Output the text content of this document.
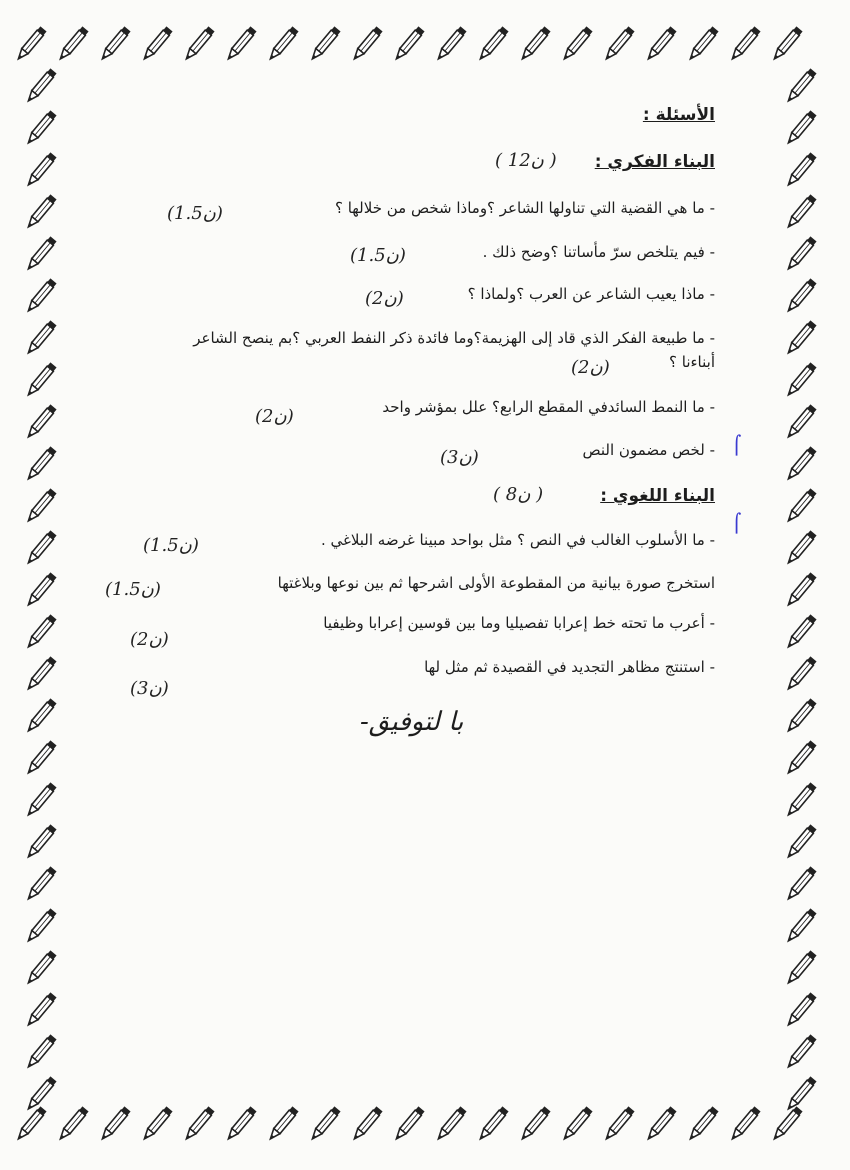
الأسئلة :
البناء الفكري :
( 12ن )
- ما هي القضية التي تناولها الشاعر ؟وماذا شخص من خلالها ؟
(1.5ن)
- فيم يتلخص سرّ مأساتنا ؟وضح ذلك .
(1.5ن)
- ماذا يعيب الشاعر عن العرب ؟ولماذا ؟
(2ن)
- ما طبيعة الفكر الذي قاد إلى الهزيمة؟وما فائدة ذكر النفط العربي ؟بم ينصح الشاعر
أبناءنا ؟
(2ن)
- ما النمط السائدفي المقطع الرابع؟ علل بمؤشر واحد
(2ن)
- لخص مضمون النص
(3ن)
⌠
البناء اللغوي :
( 8ن )
- ما الأسلوب الغالب في النص ؟ مثل بواحد مبينا غرضه البلاغي .
(1.5ن)
⌠
استخرج صورة بيانية من المقطوعة الأولى اشرحها ثم بين نوعها وبلاغتها
(1.5ن)
- أعرب ما تحته خط إعرابا تفصيليا وما بين قوسين إعرابا وظيفيا
(2ن)
- استنتج مظاهر التجديد في القصيدة ثم مثل لها
(3ن)
با لتوفيق-
